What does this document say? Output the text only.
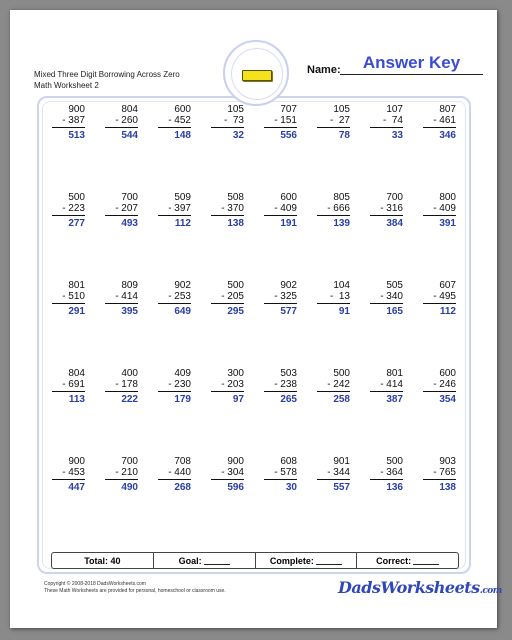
Mixed Three Digit Borrowing Across Zero
Math Worksheet 2
Answer Key
Name:
900
- 387
513
804
- 260
544
600
- 452
148
105
-  73
32
707
- 151
556
105
-  27
78
107
-  74
33
807
- 461
346
500
- 223
277
700
- 207
493
509
- 397
112
508
- 370
138
600
- 409
191
805
- 666
139
700
- 316
384
800
- 409
391
801
- 510
291
809
- 414
395
902
- 253
649
500
- 205
295
902
- 325
577
104
-  13
91
505
- 340
165
607
- 495
112
804
- 691
113
400
- 178
222
409
- 230
179
300
- 203
97
503
- 238
265
500
- 242
258
801
- 414
387
600
- 246
354
900
- 453
447
700
- 210
490
708
- 440
268
900
- 304
596
608
- 578
30
901
- 344
557
500
- 364
136
903
- 765
138
Total: 40	Goal:	Complete:	Correct:
Copyright © 2008-2018 DadsWorksheets.com
These Math Worksheets are provided for personal, homeschool or classroom use.	DadsWorksheets.com
